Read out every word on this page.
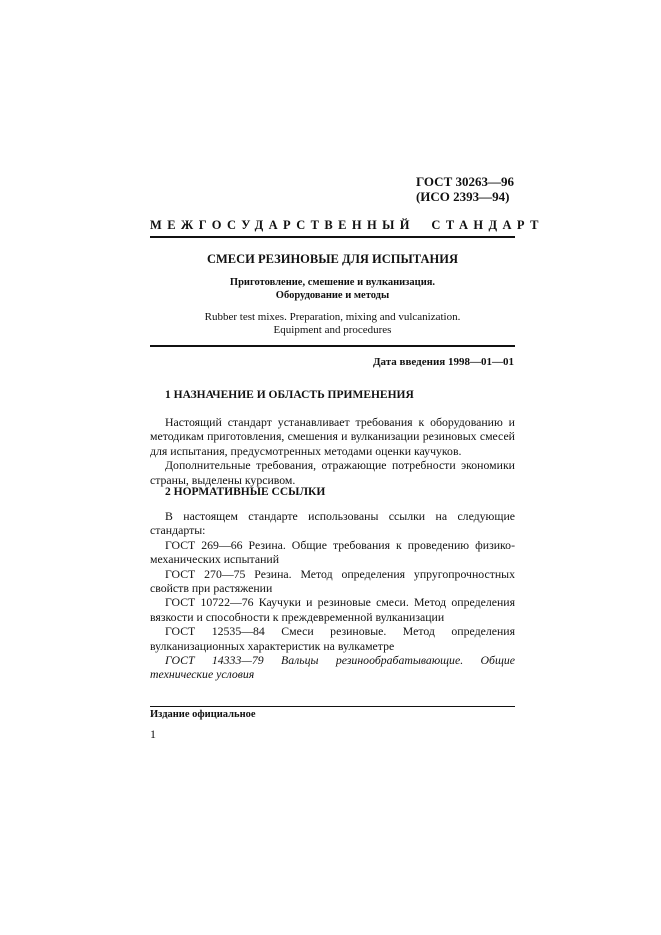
ГОСТ 30263—96
(ИСО 2393—94)
МЕЖГОСУДАРСТВЕННЫЙ СТАНДАРТ
СМЕСИ РЕЗИНОВЫЕ ДЛЯ ИСПЫТАНИЯ
Приготовление, смешение и вулканизация.
Оборудование и методы
Rubber test mixes. Preparation, mixing and vulcanization.
Equipment and procedures
Дата введения 1998—01—01
1 НАЗНАЧЕНИЕ И ОБЛАСТЬ ПРИМЕНЕНИЯ

Настоящий стандарт устанавливает требования к оборудованию и методикам приготовления, смешения и вулканизации резиновых смесей для испытания, предусмотренных методами оценки каучуков.

Дополнительные требования, отражающие потребности экономики страны, выделены курсивом.

2 НОРМАТИВНЫЕ ССЫЛКИ

В настоящем стандарте использованы ссылки на следующие стандарты:

ГОСТ 269—66 Резина. Общие требования к проведению физико-механических испытаний

ГОСТ 270—75 Резина. Метод определения упругопрочностных свойств при растяжении

ГОСТ 10722—76 Каучуки и резиновые смеси. Метод определения вязкости и способности к преждевременной вулканизации

ГОСТ 12535—84 Смеси резиновые. Метод определения вулканизационных характеристик на вулкаметре

ГОСТ 14333—79 Вальцы резинообрабатывающие. Общие технические условия

Издание официальное
1
